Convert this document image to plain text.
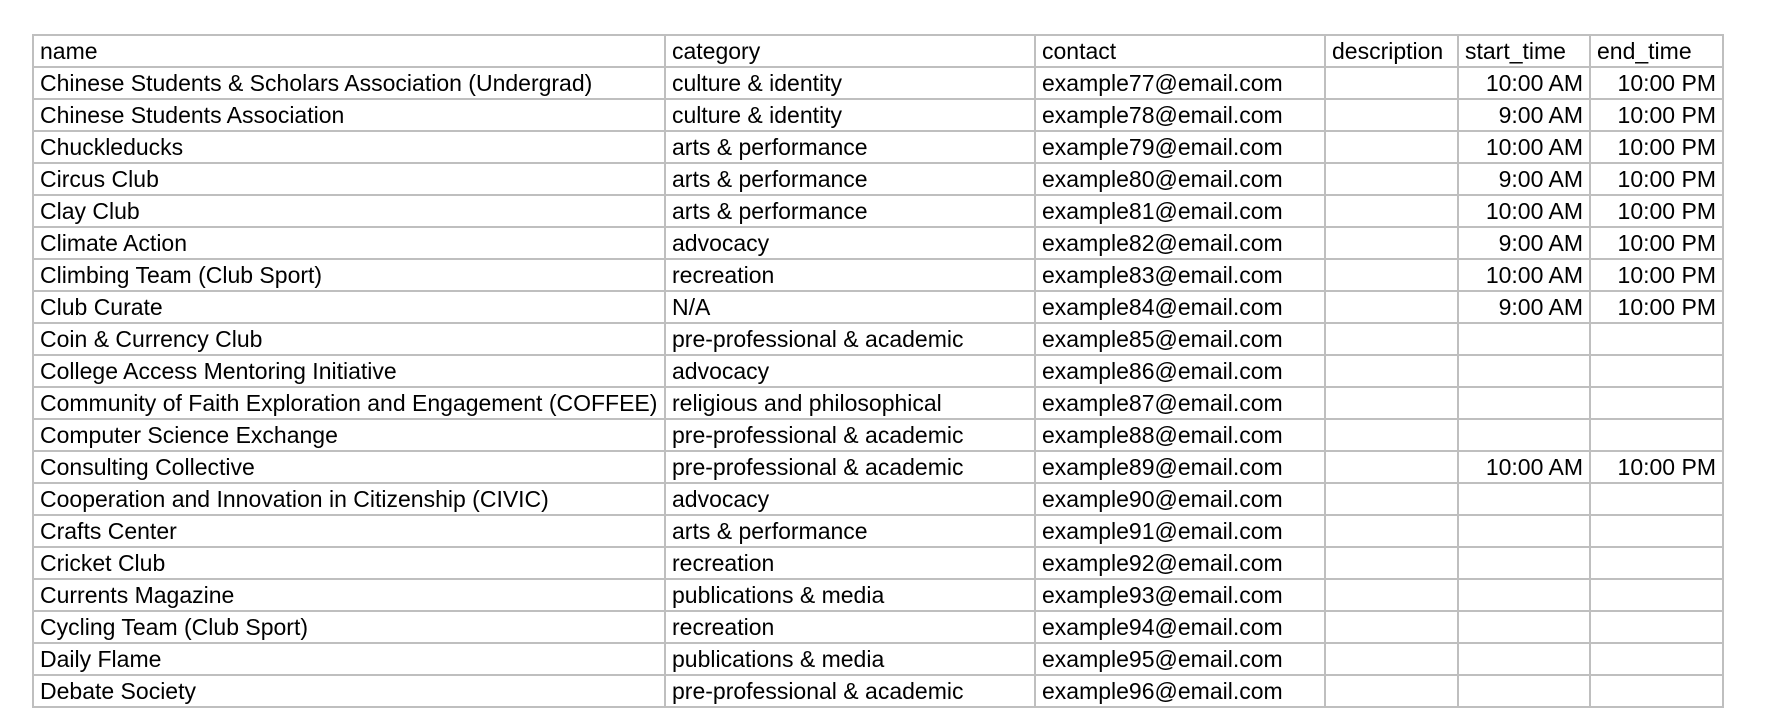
name	category	contact	description	start_time	end_time
Chinese Students & Scholars Association (Undergrad)	culture & identity	example77@email.com		10:00 AM	10:00 PM
Chinese Students Association	culture & identity	example78@email.com		9:00 AM	10:00 PM
Chuckleducks	arts & performance	example79@email.com		10:00 AM	10:00 PM
Circus Club	arts & performance	example80@email.com		9:00 AM	10:00 PM
Clay Club	arts & performance	example81@email.com		10:00 AM	10:00 PM
Climate Action	advocacy	example82@email.com		9:00 AM	10:00 PM
Climbing Team (Club Sport)	recreation	example83@email.com		10:00 AM	10:00 PM
Club Curate	N/A	example84@email.com		9:00 AM	10:00 PM
Coin & Currency Club	pre-professional & academic	example85@email.com			
College Access Mentoring Initiative	advocacy	example86@email.com			
Community of Faith Exploration and Engagement (COFFEE)	religious and philosophical	example87@email.com			
Computer Science Exchange	pre-professional & academic	example88@email.com			
Consulting Collective	pre-professional & academic	example89@email.com		10:00 AM	10:00 PM
Cooperation and Innovation in Citizenship (CIVIC)	advocacy	example90@email.com			
Crafts Center	arts & performance	example91@email.com			
Cricket Club	recreation	example92@email.com			
Currents Magazine	publications & media	example93@email.com			
Cycling Team (Club Sport)	recreation	example94@email.com			
Daily Flame	publications & media	example95@email.com			
Debate Society	pre-professional & academic	example96@email.com			
